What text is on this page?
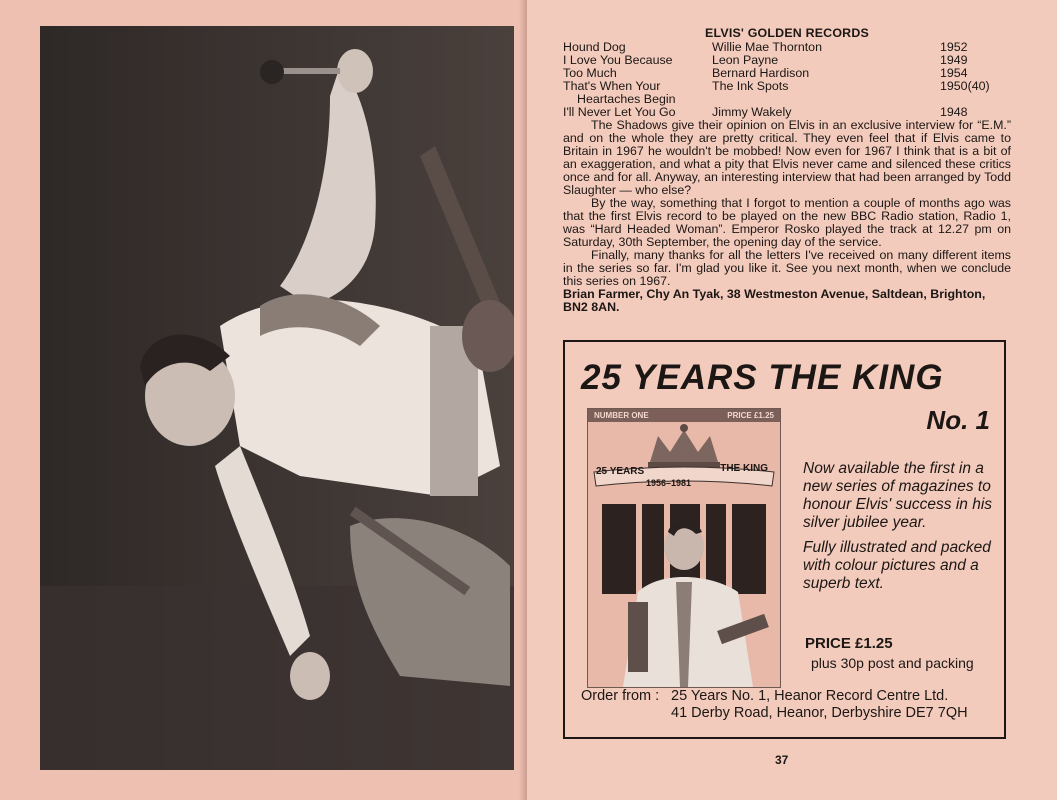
ELVIS' GOLDEN RECORDS
Hound Dog	Willie Mae Thornton	1952
I Love You Because	Leon Payne	1949
Too Much	Bernard Hardison	1954
That's When Your	The Ink Spots	1950(40)
Heartaches Begin
I'll Never Let You Go	Jimmy Wakely	1948

The Shadows give their opinion on Elvis in an exclusive interview for “E.M.” and on the whole they are pretty critical. They even feel that if Elvis came to Britain in 1967 he wouldn't be mobbed! Now even for 1967 I think that is a bit of an exaggeration, and what a pity that Elvis never came and silenced these critics once and for all. Anyway, an interesting interview that had been arranged by Todd Slaughter — who else?

By the way, something that I forgot to mention a couple of months ago was that the first Elvis record to be played on the new BBC Radio station, Radio 1, was “Hard Headed Woman”. Emperor Rosko played the track at 12.27 pm on Saturday, 30th September, the opening day of the service.

Finally, many thanks for all the letters I've received on many different items in the series so far. I'm glad you like it. See you next month, when we conclude this series on 1967.

Brian Farmer, Chy An Tyak, 38 Westmeston Avenue, Saltdean, Brighton, BN2 8AN.

25 YEARS THE KING
No. 1
NUMBER ONE	PRICE £1.25
25 YEARS	THE KING
1956–1981

Now available the first in a new series of magazines to honour Elvis' success in his silver jubilee year.

Fully illustrated and packed with colour pictures and a superb text.

PRICE £1.25
plus 30p post and packing
Order from : 25 Years No. 1, Heanor Record Centre Ltd.
41 Derby Road, Heanor, Derbyshire DE7 7QH
37
